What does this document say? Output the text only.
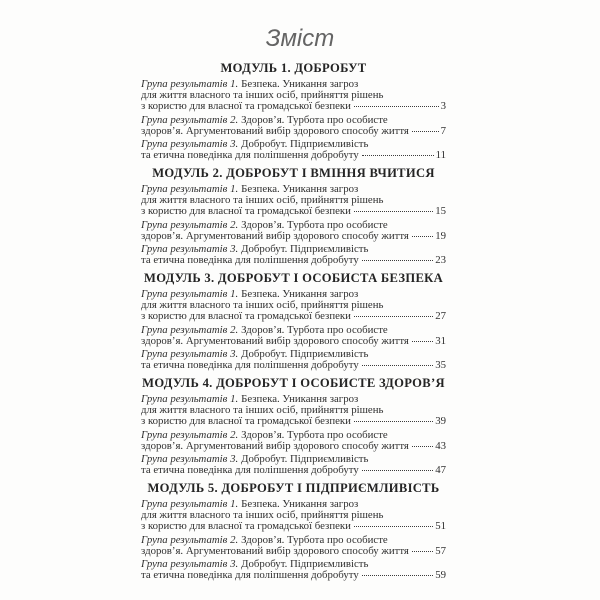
Зміст
МОДУЛЬ 1. ДОБРОБУТ
Група результатів 1. Безпека. Уникання загроз
для життя власного та інших осіб, прийняття рішень
з користю для власної та громадської безпеки	3
Група результатів 2. Здоров’я. Турбота про особисте
здоров’я. Аргументований вибір здорового способу життя	7
Група результатів 3. Добробут. Підприємливість
та етична поведінка для поліпшення добробуту	11
МОДУЛЬ 2. ДОБРОБУТ І ВМІННЯ ВЧИТИСЯ
Група результатів 1. Безпека. Уникання загроз
для життя власного та інших осіб, прийняття рішень
з користю для власної та громадської безпеки	15
Група результатів 2. Здоров’я. Турбота про особисте
здоров’я. Аргументований вибір здорового способу життя 19
Група результатів 3. Добробут. Підприємливість
та етична поведінка для поліпшення добробуту	23
МОДУЛЬ 3. ДОБРОБУТ І ОСОБИСТА БЕЗПЕКА
Група результатів 1. Безпека. Уникання загроз
для життя власного та інших осіб, прийняття рішень
з користю для власної та громадської безпеки	27
Група результатів 2. Здоров’я. Турбота про особисте
здоров’я. Аргументований вибір здорового способу життя 31
Група результатів 3. Добробут. Підприємливість
та етична поведінка для поліпшення добробуту	35
МОДУЛЬ 4. ДОБРОБУТ І ОСОБИСТЕ ЗДОРОВ’Я
Група результатів 1. Безпека. Уникання загроз
для життя власного та інших осіб, прийняття рішень
з користю для власної та громадської безпеки	39
Група результатів 2. Здоров’я. Турбота про особисте
здоров’я. Аргументований вибір здорового способу життя 43
Група результатів 3. Добробут. Підприємливість
та етична поведінка для поліпшення добробуту	47
МОДУЛЬ 5. ДОБРОБУТ І ПІДПРИЄМЛИВІСТЬ
Група результатів 1. Безпека. Уникання загроз
для життя власного та інших осіб, прийняття рішень
з користю для власної та громадської безпеки	51
Група результатів 2. Здоров’я. Турбота про особисте
здоров’я. Аргументований вибір здорового способу життя 57
Група результатів 3. Добробут. Підприємливість
та етична поведінка для поліпшення добробуту	59
